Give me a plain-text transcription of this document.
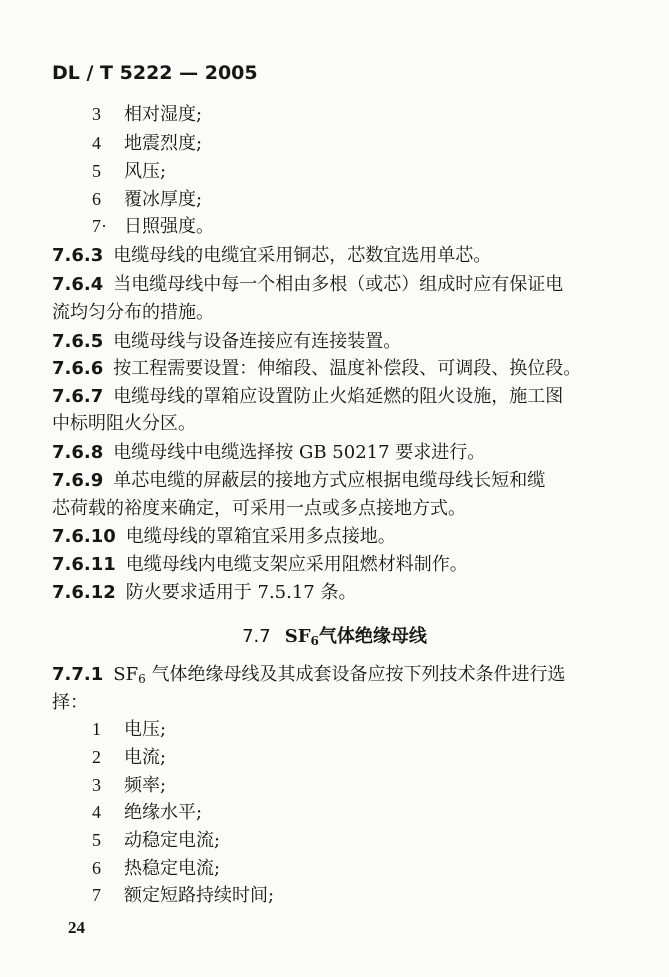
DL / T 5222 — 2005
3 相对湿度;
4 地震烈度;
5 风压;
6 覆冰厚度;
7· 日照强度。
7.6.3 电缆母线的电缆宜采用铜芯，芯数宜选用单芯。
7.6.4 当电缆母线中每一个相由多根（或芯）组成时应有保证电
流均匀分布的措施。
7.6.5 电缆母线与设备连接应有连接装置。
7.6.6 按工程需要设置：伸缩段、温度补偿段、可调段、换位段。
7.6.7 电缆母线的罩箱应设置防止火焰延燃的阻火设施，施工图
中标明阻火分区。
7.6.8 电缆母线中电缆选择按 GB 50217 要求进行。
7.6.9 单芯电缆的屏蔽层的接地方式应根据电缆母线长短和缆
芯荷载的裕度来确定，可采用一点或多点接地方式。
7.6.10 电缆母线的罩箱宜采用多点接地。
7.6.11 电缆母线内电缆支架应采用阻燃材料制作。
7.6.12 防火要求适用于 7.5.17 条。
7.7 $SF_6$气体绝缘母线
7.7.1 $SF_6$ 气体绝缘母线及其成套设备应按下列技术条件进行选
择：
1 电压;
2 电流;
3 频率;
4 绝缘水平;
5 动稳定电流;
6 热稳定电流;
7 额定短路持续时间;
24
